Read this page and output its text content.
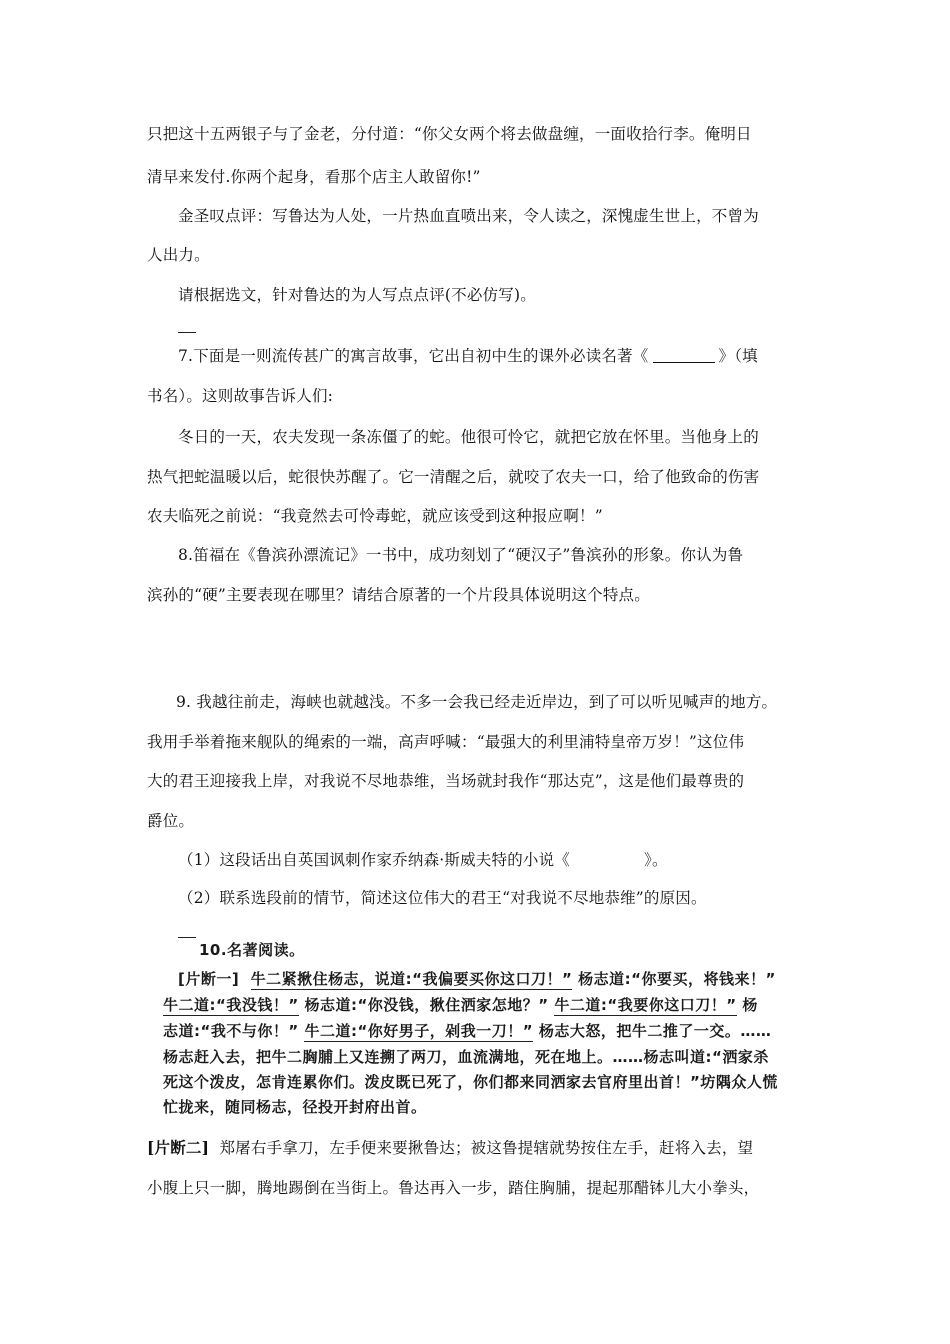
只把这十五两银子与了金老，分付道：“你父女两个将去做盘缠，一面收拾行李。俺明日
清早来发付.你两个起身，看那个店主人敢留你!”
金圣叹点评：写鲁达为人处，一片热血直喷出来，令人读之，深愧虚生世上，不曾为
人出力。
请根据选文，针对鲁达的为人写点点评(不必仿写)。
7.下面是一则流传甚广的寓言故事，它出自初中生的课外必读名著《	》（填
书名）。这则故事告诉人们:
冬日的一天，农夫发现一条冻僵了的蛇。他很可怜它，就把它放在怀里。当他身上的
热气把蛇温暖以后，蛇很快苏醒了。它一清醒之后，就咬了农夫一口，给了他致命的伤害
农夫临死之前说：“我竟然去可怜毒蛇，就应该受到这种报应啊！”
8.笛福在《鲁滨孙漂流记》一书中，成功刻划了“硬汉子”鲁滨孙的形象。你认为鲁
滨孙的“硬”主要表现在哪里？请结合原著的一个片段具体说明这个特点。
9. 我越往前走，海峡也就越浅。不多一会我已经走近岸边，到了可以听见喊声的地方。
我用手举着拖来舰队的绳索的一端，高声呼喊：“最强大的利里浦特皇帝万岁！”这位伟
大的君王迎接我上岸，对我说不尽地恭维，当场就封我作“那达克”，这是他们最尊贵的
爵位。
（1）这段话出自英国讽刺作家乔纳森·斯威夫特的小说《	》。
（2）联系选段前的情节，简述这位伟大的君王“对我说不尽地恭维”的原因。
10.名著阅读。
[片断一] 牛二紧揪住杨志，说道:“我偏要买你这口刀！” 杨志道:“你要买，将钱来！”
牛二道:“我没钱！” 杨志道:“你没钱，揪住洒家怎地？” 牛二道:“我要你这口刀！” 杨
志道:“我不与你！” 牛二道:“你好男子，剁我一刀！” 杨志大怒，把牛二推了一交。……
杨志赶入去，把牛二胸脯上又连搠了两刀，血流满地，死在地上。……杨志叫道:“洒家杀
死这个泼皮，怎肯连累你们。泼皮既已死了，你们都来同洒家去官府里出首！”坊隅众人慌
忙拢来，随同杨志，径投开封府出首。
[片断二] 郑屠右手拿刀，左手便来要揪鲁达；被这鲁提辖就势按住左手，赶将入去，望
小腹上只一脚，腾地踢倒在当街上。鲁达再入一步，踏住胸脯，提起那醋钵儿大小拳头，
